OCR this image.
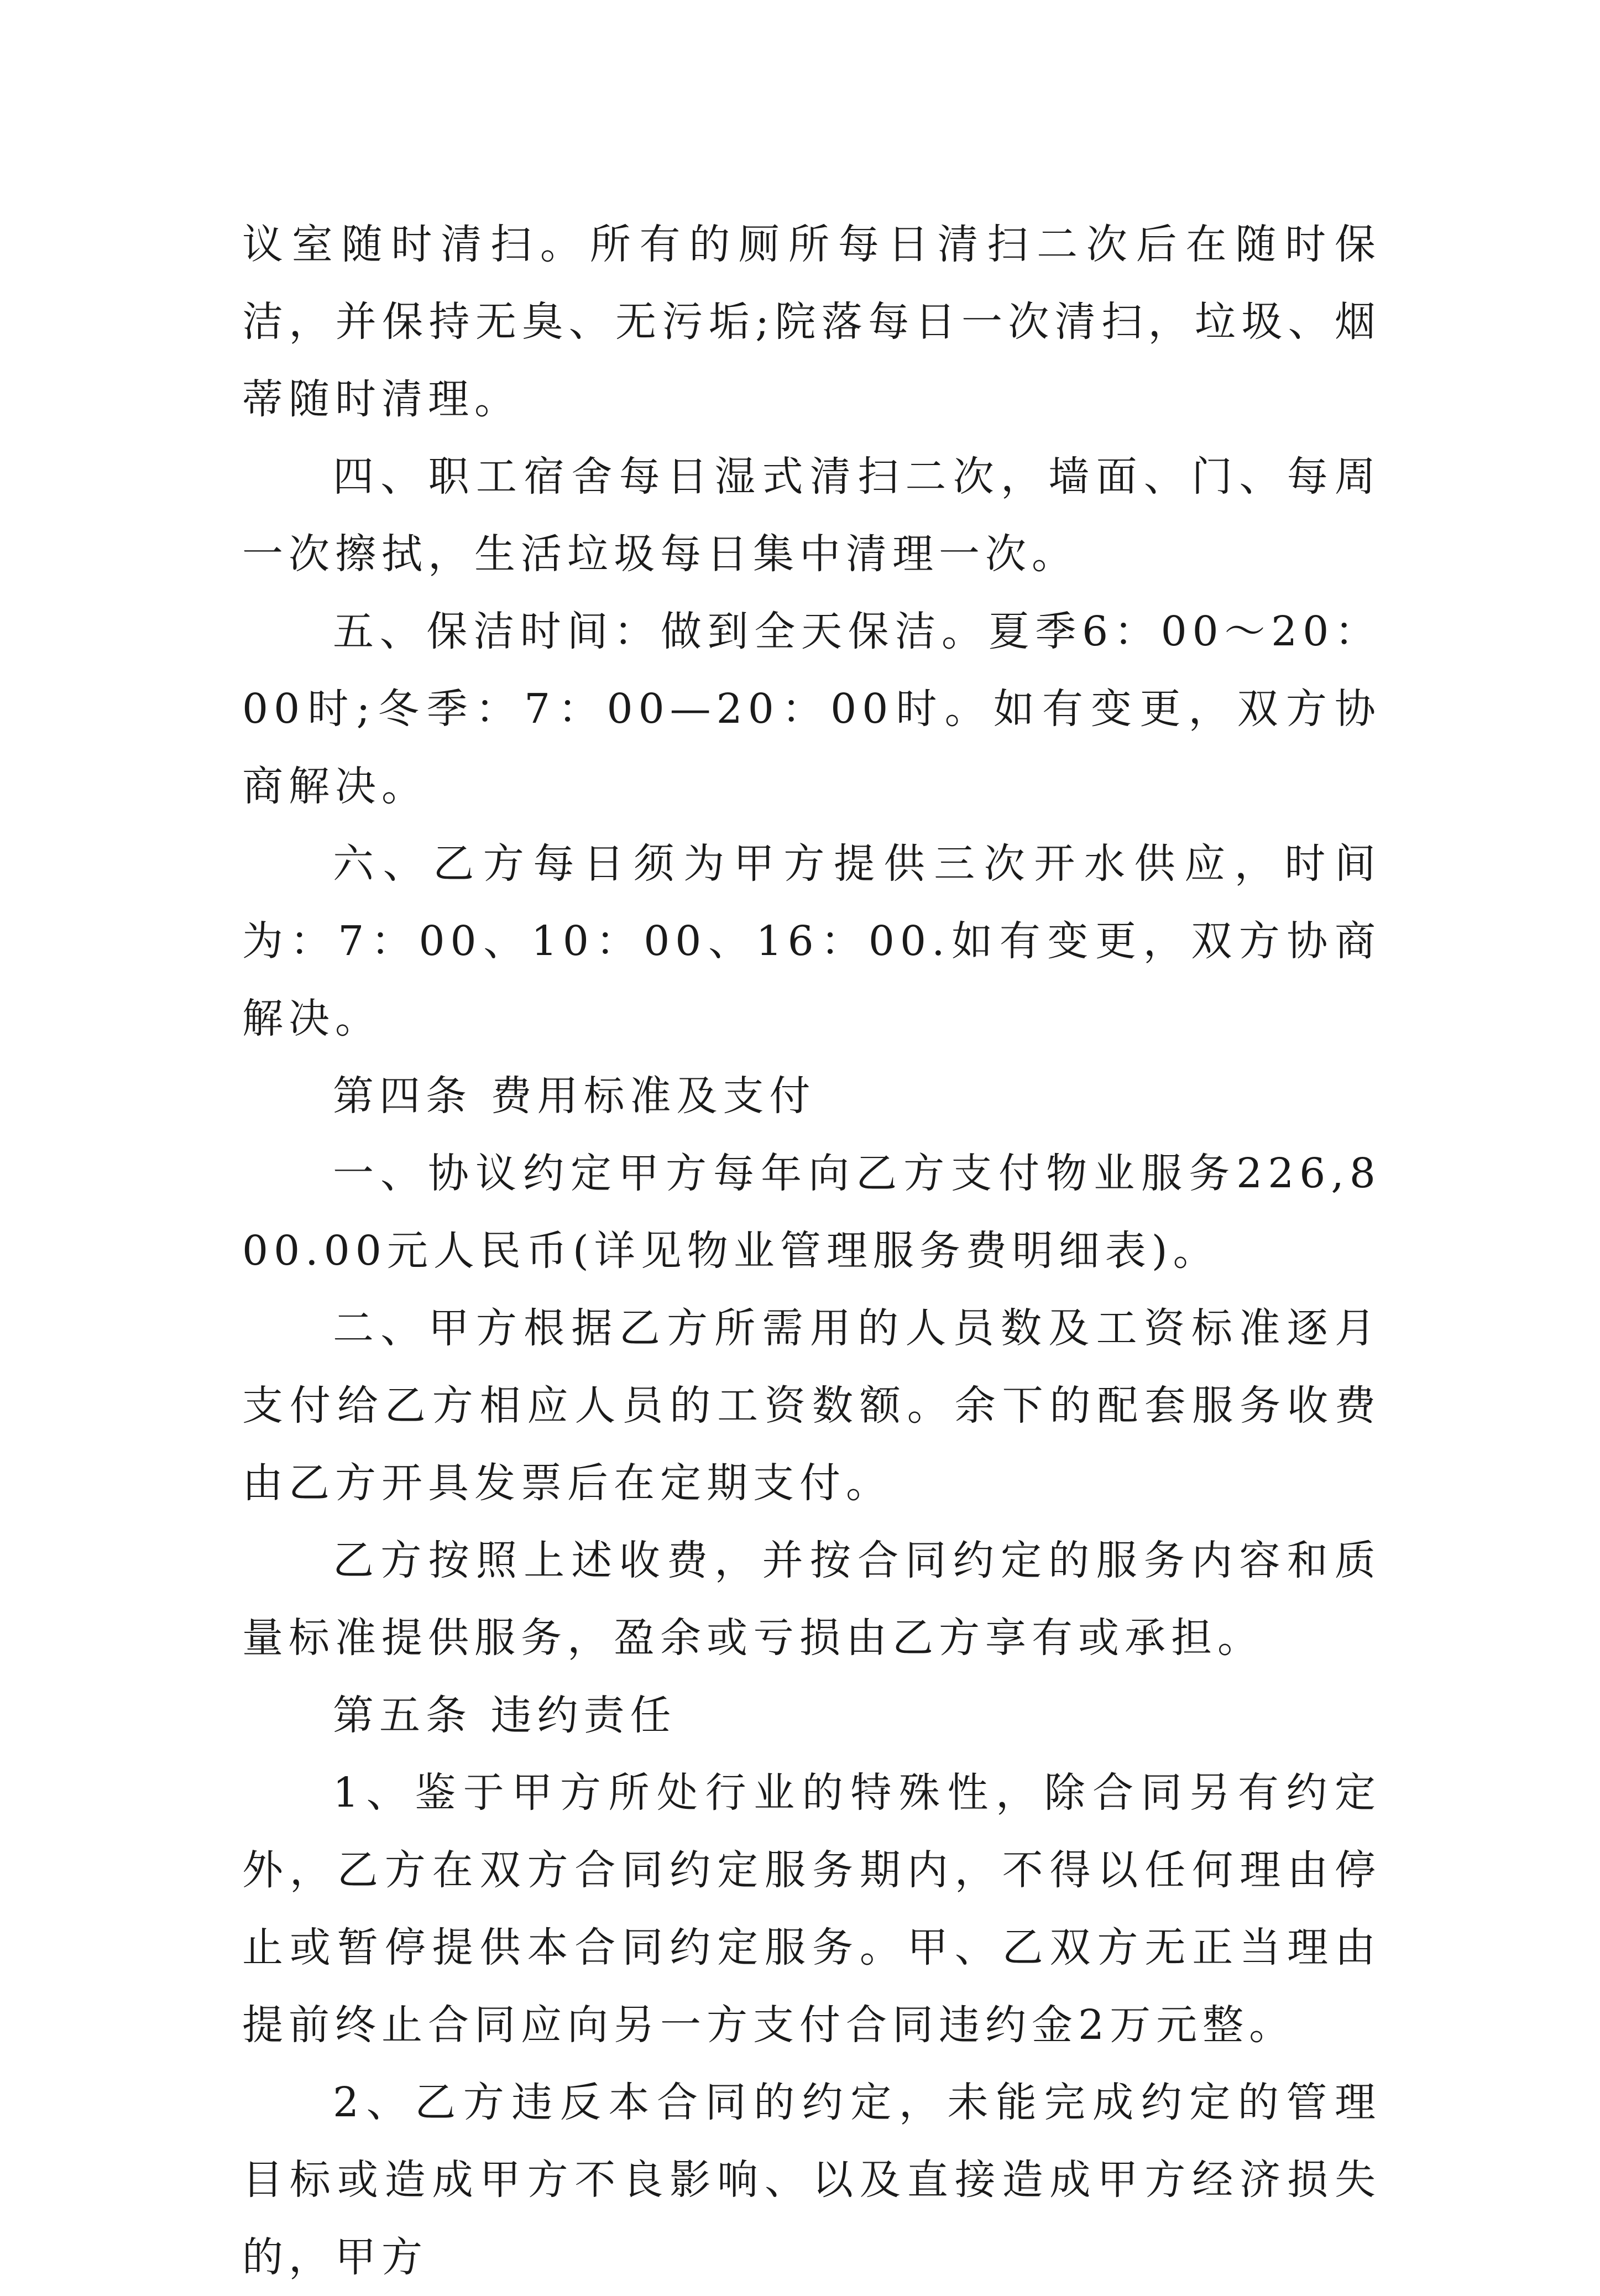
议室随时清扫。所有的厕所每日清扫二次后在随时保洁，并保持无臭、无污垢;院落每日一次清扫，垃圾、烟蒂随时清理。

四、职工宿舍每日湿式清扫二次，墙面、门、每周一次擦拭，生活垃圾每日集中清理一次。

五、保洁时间：做到全天保洁。夏季6：00～20：00时;冬季：7：00—20：00时。如有变更，双方协商解决。

六、乙方每日须为甲方提供三次开水供应，时间为：7：00、10：00、16：00.如有变更，双方协商解决。

第四条 费用标准及支付

一、协议约定甲方每年向乙方支付物业服务226,800.00元人民币(详见物业管理服务费明细表)。

二、甲方根据乙方所需用的人员数及工资标准逐月支付给乙方相应人员的工资数额。余下的配套服务收费由乙方开具发票后在定期支付。

乙方按照上述收费，并按合同约定的服务内容和质量标准提供服务，盈余或亏损由乙方享有或承担。

第五条 违约责任

1、鉴于甲方所处行业的特殊性，除合同另有约定外，乙方在双方合同约定服务期内，不得以任何理由停止或暂停提供本合同约定服务。甲、乙双方无正当理由提前终止合同应向另一方支付合同违约金2万元整。

2、乙方违反本合同的约定，未能完成约定的管理目标或造成甲方不良影响、以及直接造成甲方经济损失的，甲方
